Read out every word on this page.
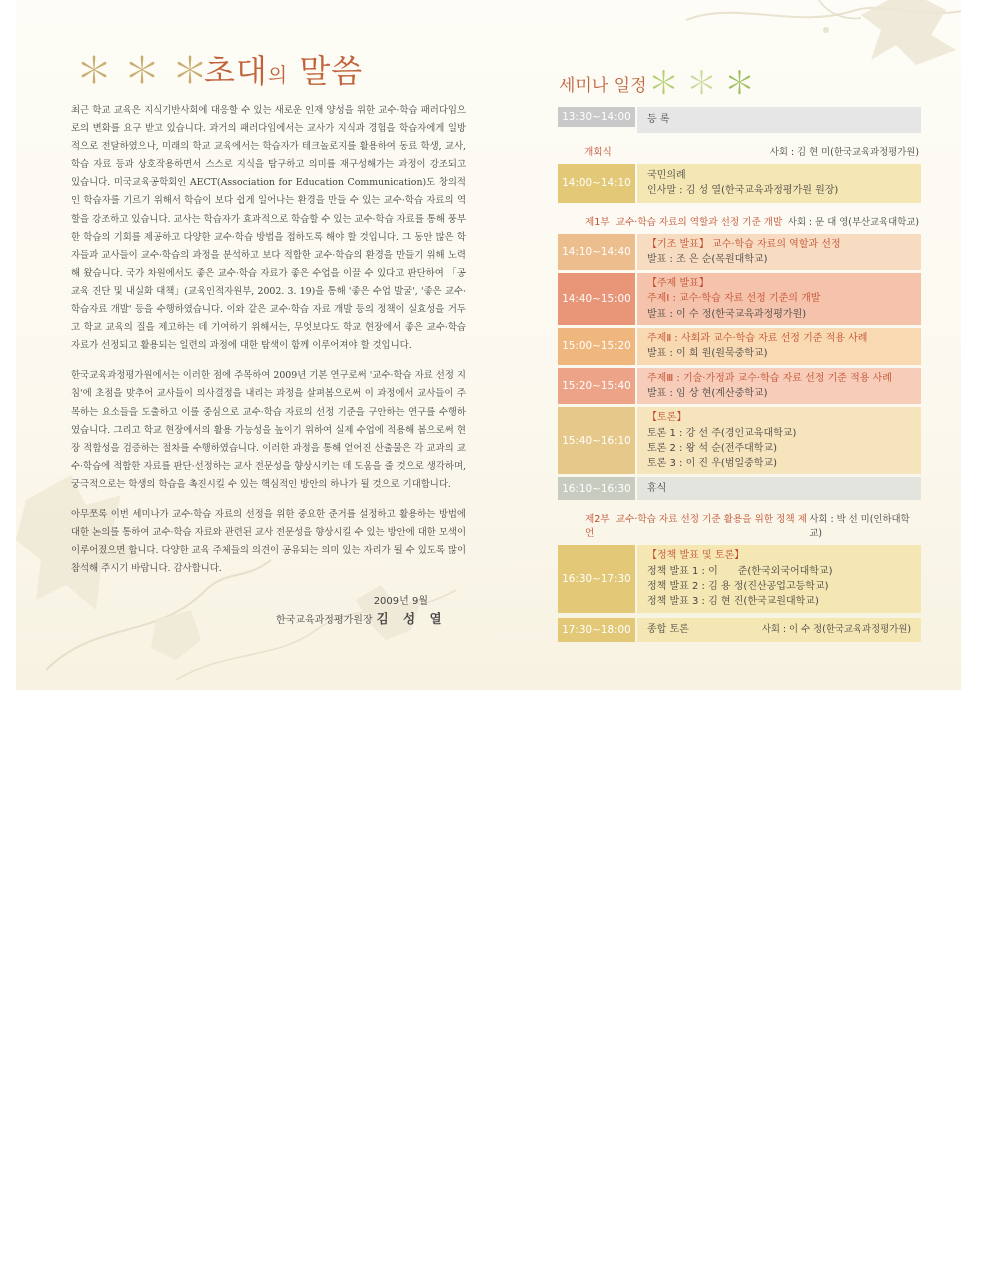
＊＊＊
초대의 말씀

최근 학교 교육은 지식기반사회에 대응할 수 있는 새로운 인재 양성을 위한 교수·학습 패러다임으로의 변화를 요구 받고 있습니다. 과거의 패러다임에서는 교사가 지식과 경험을 학습자에게 일방적으로 전달하였으나, 미래의 학교 교육에서는 학습자가 테크놀로지를 활용하여 동료 학생, 교사, 학습 자료 등과 상호작용하면서 스스로 지식을 탐구하고 의미를 재구성해가는 과정이 강조되고 있습니다. 미국교육공학회인 AECT(Association for Education Communication)도 창의적인 학습자를 기르기 위해서 학습이 보다 쉽게 일어나는 환경을 만들 수 있는 교수·학습 자료의 역할을 강조하고 있습니다. 교사는 학습자가 효과적으로 학습할 수 있는 교수·학습 자료를 통해 풍부한 학습의 기회를 제공하고 다양한 교수·학습 방법을 접하도록 해야 할 것입니다. 그 동안 많은 학자들과 교사들이 교수·학습의 과정을 분석하고 보다 적합한 교수·학습의 환경을 만들기 위해 노력해 왔습니다. 국가 차원에서도 좋은 교수·학습 자료가 좋은 수업을 이끌 수 있다고 판단하여 「공교육 진단 및 내실화 대책」(교육인적자원부, 2002. 3. 19)을 통해 '좋은 수업 발굴', '좋은 교수·학습자료 개발' 등을 수행하였습니다. 이와 같은 교수·학습 자료 개발 등의 정책이 실효성을 거두고 학교 교육의 질을 제고하는 데 기여하기 위해서는, 무엇보다도 학교 현장에서 좋은 교수·학습 자료가 선정되고 활용되는 일련의 과정에 대한 탐색이 함께 이루어져야 할 것입니다.

한국교육과정평가원에서는 이러한 점에 주목하여 2009년 기본 연구로써 '교수·학습 자료 선정 지침'에 초점을 맞추어 교사들이 의사결정을 내리는 과정을 살펴봄으로써 이 과정에서 교사들이 주목하는 요소들을 도출하고 이를 중심으로 교수·학습 자료의 선정 기준을 구안하는 연구를 수행하였습니다. 그리고 학교 현장에서의 활용 가능성을 높이기 위하여 실제 수업에 적용해 봄으로써 현장 적합성을 검증하는 절차를 수행하였습니다. 이러한 과정을 통해 얻어진 산출물은 각 교과의 교수·학습에 적합한 자료를 판단·선정하는 교사 전문성을 향상시키는 데 도움을 줄 것으로 생각하며, 궁극적으로는 학생의 학습을 촉진시킬 수 있는 핵심적인 방안의 하나가 될 것으로 기대합니다.

아무쪼록 이번 세미나가 교수·학습 자료의 선정을 위한 중요한 준거를 설정하고 활용하는 방법에 대한 논의를 통하여 교수·학습 자료와 관련된 교사 전문성을 향상시킬 수 있는 방안에 대한 모색이 이루어졌으면 합니다. 다양한 교육 주체들의 의견이 공유되는 의미 있는 자리가 될 수 있도록 많이 참석해 주시기 바랍니다. 감사합니다.

2009년 9월
한국교육과정평가원장 김 성 열
세미나 일정 ＊＊＊
13:30~14:00	등 록
개회식	사회 : 김 현 미(한국교육과정평가원)
14:00~14:10
국민의례
인사말 : 김 성 열(한국교육과정평가원 원장)
제1부 교수·학습 자료의 역할과 선정 기준 개발 사회 : 문 대 영(부산교육대학교)
14:10~14:40
【기조 발표】 교수·학습 자료의 역할과 선정
발표 : 조 은 순(목원대학교)
14:40~15:00
【주제 발표】
주제Ⅰ : 교수·학습 자료 선정 기준의 개발
발표 : 이 수 정(한국교육과정평가원)
15:00~15:20
주제Ⅱ : 사회과 교수·학습 자료 선정 기준 적용 사례
발표 : 이 희 원(원묵중학교)
15:20~15:40
주제Ⅲ : 기술·가정과 교수·학습 자료 선정 기준 적용 사례
발표 : 임 상 현(계산중학교)
15:40~16:10
【토론】
토론 1 : 강 선 주(경인교육대학교)
토론 2 : 왕 석 순(전주대학교)
토론 3 : 이 진 우(범일중학교)
16:10~16:30	휴식
제2부 교수·학습 자료 선정 기준 활용을 위한 정책 제언
사회 : 박 선 미(인하대학교)
16:30~17:30
【정책 발표 및 토론】
정책 발표 1 : 이　　준(한국외국어대학교)
정책 발표 2 : 김 용 정(진산공업고등학교)
정책 발표 3 : 김 현 진(한국교원대학교)
17:30~18:00	종합 토론	사회 : 이 수 정(한국교육과정평가원)
